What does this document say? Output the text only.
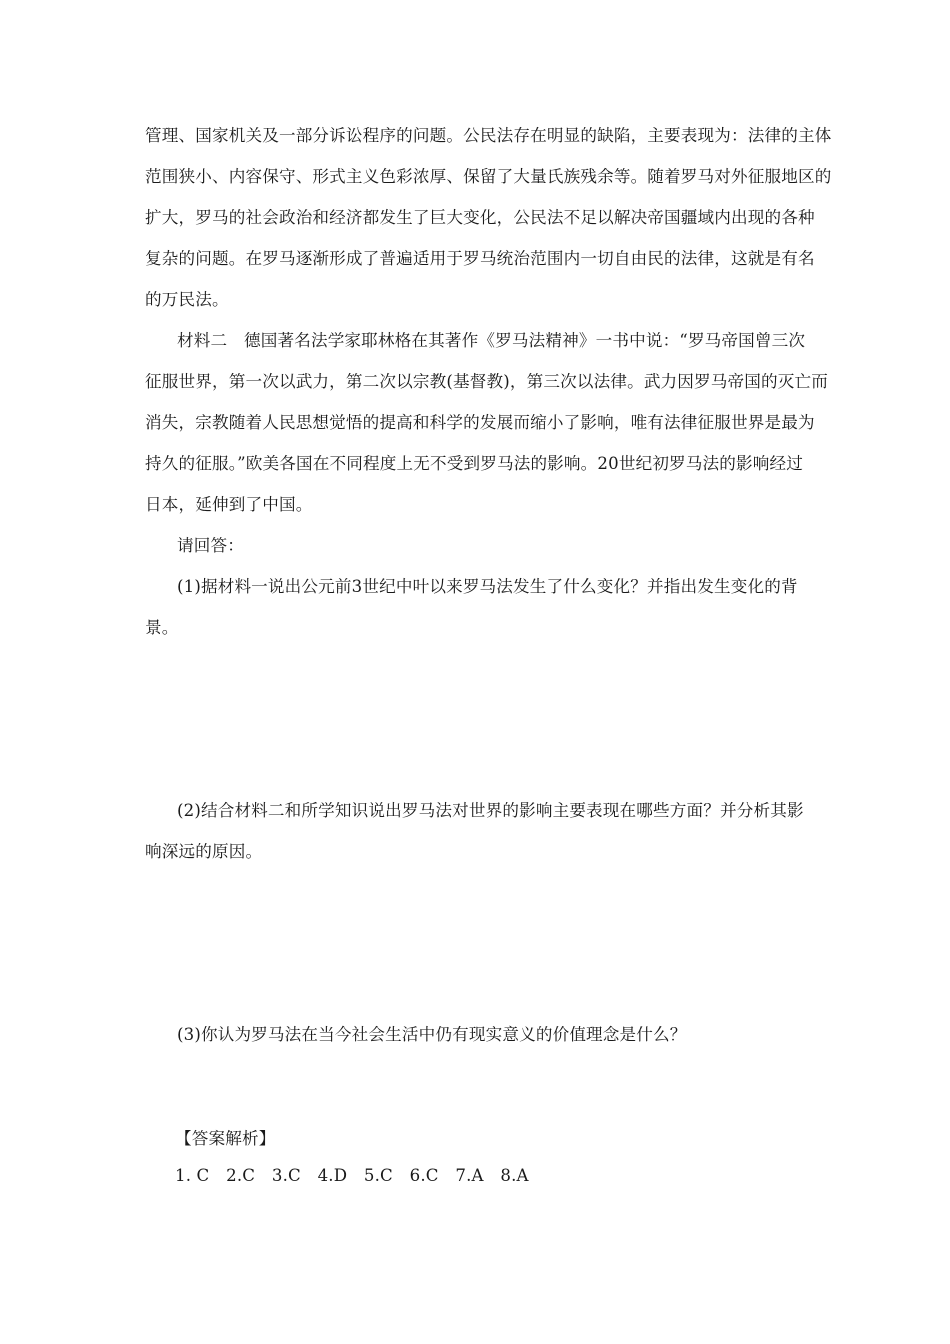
管理、国家机关及一部分诉讼程序的问题。公民法存在明显的缺陷，主要表现为：法律的主体
范围狭小、内容保守、形式主义色彩浓厚、保留了大量氏族残余等。随着罗马对外征服地区的
扩大，罗马的社会政治和经济都发生了巨大变化，公民法不足以解决帝国疆域内出现的各种
复杂的问题。在罗马逐渐形成了普遍适用于罗马统治范围内一切自由民的法律，这就是有名
的万民法。
材料二　德国著名法学家耶林格在其著作《罗马法精神》一书中说：“罗马帝国曾三次
征服世界，第一次以武力，第二次以宗教(基督教)，第三次以法律。武力因罗马帝国的灭亡而
消失，宗教随着人民思想觉悟的提高和科学的发展而缩小了影响，唯有法律征服世界是最为
持久的征服。”欧美各国在不同程度上无不受到罗马法的影响。20世纪初罗马法的影响经过
日本，延伸到了中国。
请回答：
(1)据材料一说出公元前3世纪中叶以来罗马法发生了什么变化？并指出发生变化的背
景。
(2)结合材料二和所学知识说出罗马法对世界的影响主要表现在哪些方面？并分析其影
响深远的原因。
(3)你认为罗马法在当今社会生活中仍有现实意义的价值理念是什么？
【答案解析】
1. C　2.C　3.C　4.D　5.C　6.C　7.A　8.A
